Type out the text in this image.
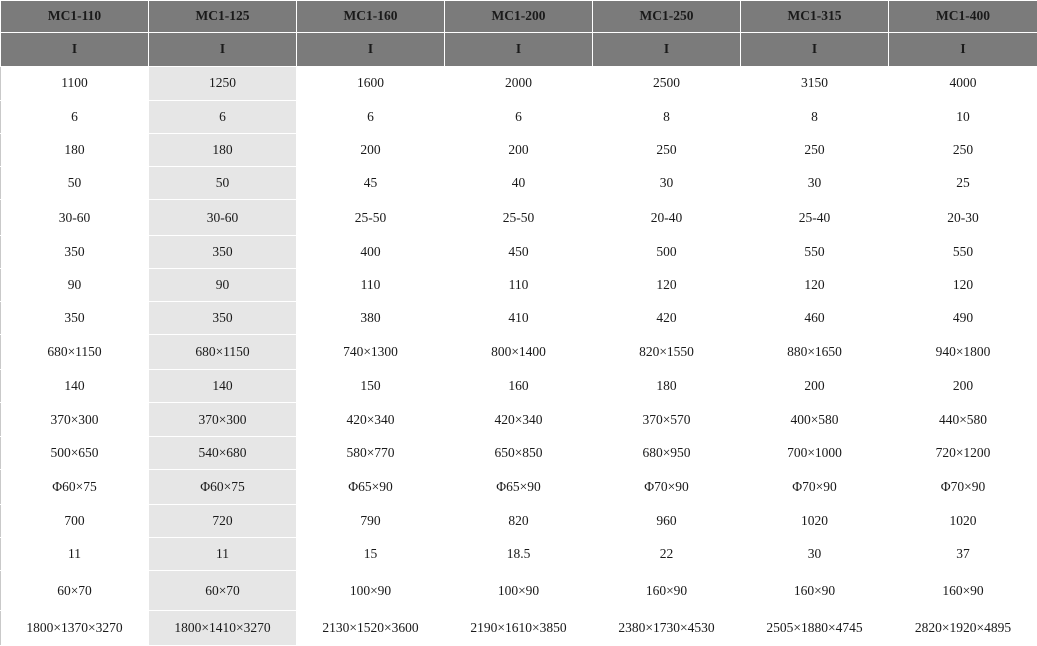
MC1-110	MC1-125	MC1-160	MC1-200	MC1-250	MC1-315	MC1-400
I	I	I	I	I	I	I
1100	1250	1600	2000	2500	3150	4000
6	6	6	6	8	8	10
180	180	200	200	250	250	250
50	50	45	40	30	30	25
30-60	30-60	25-50	25-50	20-40	25-40	20-30
350	350	400	450	500	550	550
90	90	110	110	120	120	120
350	350	380	410	420	460	490
680×1150	680×1150	740×1300	800×1400	820×1550	880×1650	940×1800
140	140	150	160	180	200	200
370×300	370×300	420×340	420×340	370×570	400×580	440×580
500×650	540×680	580×770	650×850	680×950	700×1000	720×1200
Φ60×75	Φ60×75	Φ65×90	Φ65×90	Φ70×90	Φ70×90	Φ70×90
700	720	790	820	960	1020	1020
11	11	15	18.5	22	30	37
60×70	60×70	100×90	100×90	160×90	160×90	160×90
1800×1370×3270	1800×1410×3270	2130×1520×3600	2190×1610×3850	2380×1730×4530	2505×1880×4745	2820×1920×4895
